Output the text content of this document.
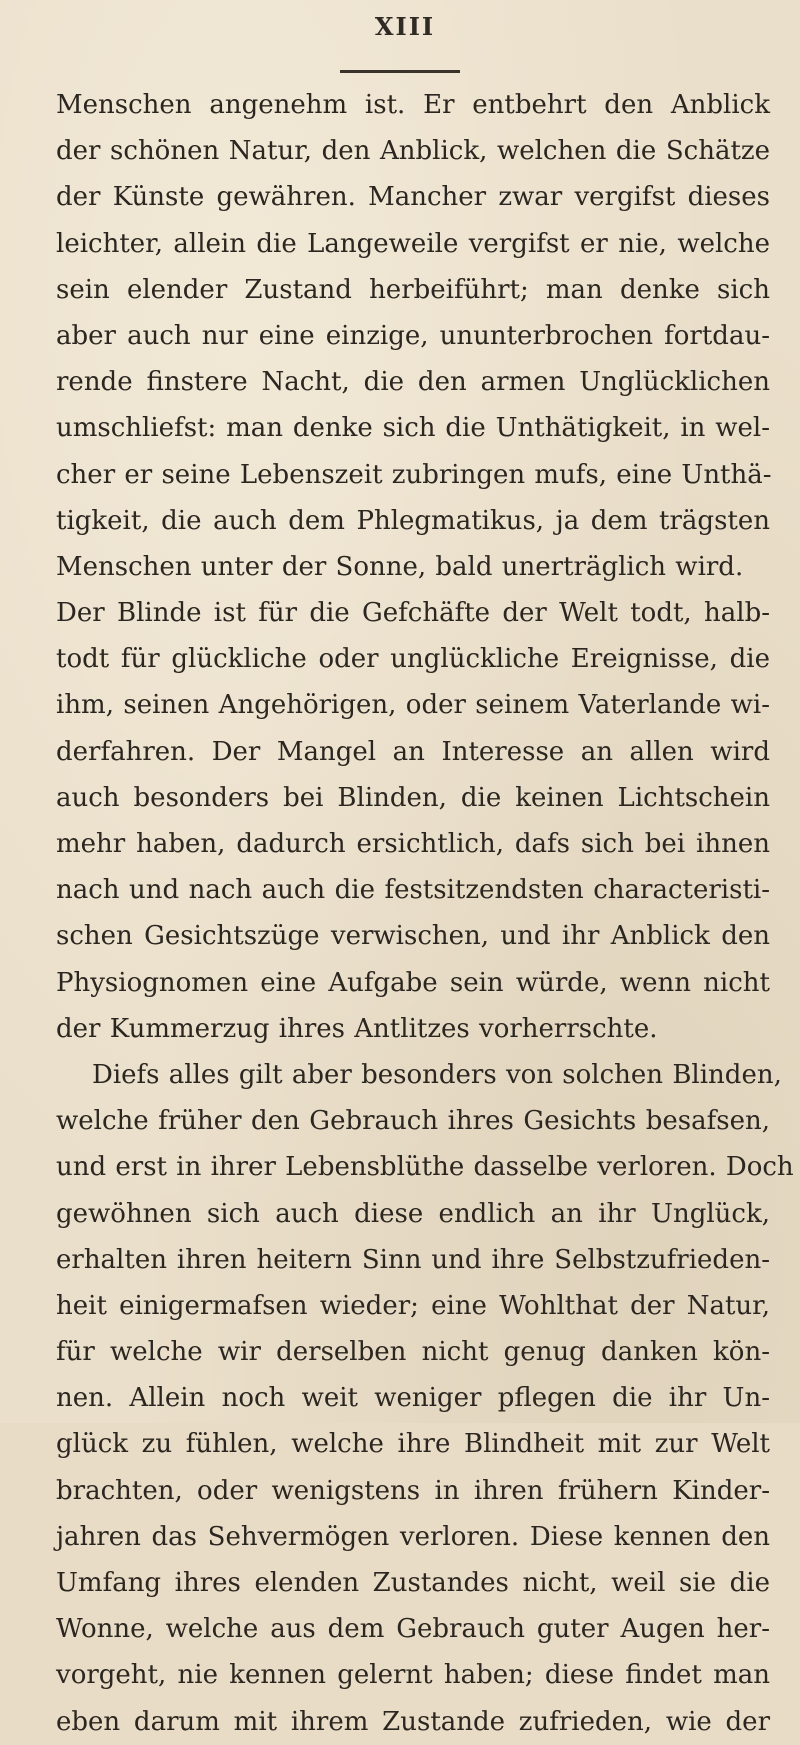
XIII
Menschen angenehm ist. Er entbehrt den Anblick
der schönen Natur, den Anblick, welchen die Schätze
der Künste gewähren. Mancher zwar vergifst dieses
leichter, allein die Langeweile vergifst er nie, welche
sein elender Zustand herbeiführt; man denke sich
aber auch nur eine einzige, ununterbrochen fortdau-
rende finstere Nacht, die den armen Unglücklichen
umschliefst: man denke sich die Unthätigkeit, in wel-
cher er seine Lebenszeit zubringen mufs, eine Unthä-
tigkeit, die auch dem Phlegmatikus, ja dem trägsten
Menschen unter der Sonne, bald unerträglich wird.
Der Blinde ist für die Gefchäfte der Welt todt, halb-
todt für glückliche oder unglückliche Ereignisse, die
ihm, seinen Angehörigen, oder seinem Vaterlande wi-
derfahren. Der Mangel an Interesse an allen wird
auch besonders bei Blinden, die keinen Lichtschein
mehr haben, dadurch ersichtlich, dafs sich bei ihnen
nach und nach auch die festsitzendsten characteristi-
schen Gesichtszüge verwischen, und ihr Anblick den
Physiognomen eine Aufgabe sein würde, wenn nicht
der Kummerzug ihres Antlitzes vorherrschte.
Diefs alles gilt aber besonders von solchen Blinden,
welche früher den Gebrauch ihres Gesichts besafsen,
und erst in ihrer Lebensblüthe dasselbe verloren. Doch
gewöhnen sich auch diese endlich an ihr Unglück,
erhalten ihren heitern Sinn und ihre Selbstzufrieden-
heit einigermafsen wieder; eine Wohlthat der Natur,
für welche wir derselben nicht genug danken kön-
nen. Allein noch weit weniger pflegen die ihr Un-
glück zu fühlen, welche ihre Blindheit mit zur Welt
brachten, oder wenigstens in ihren frühern Kinder-
jahren das Sehvermögen verloren. Diese kennen den
Umfang ihres elenden Zustandes nicht, weil sie die
Wonne, welche aus dem Gebrauch guter Augen her-
vorgeht, nie kennen gelernt haben; diese findet man
eben darum mit ihrem Zustande zufrieden, wie der
